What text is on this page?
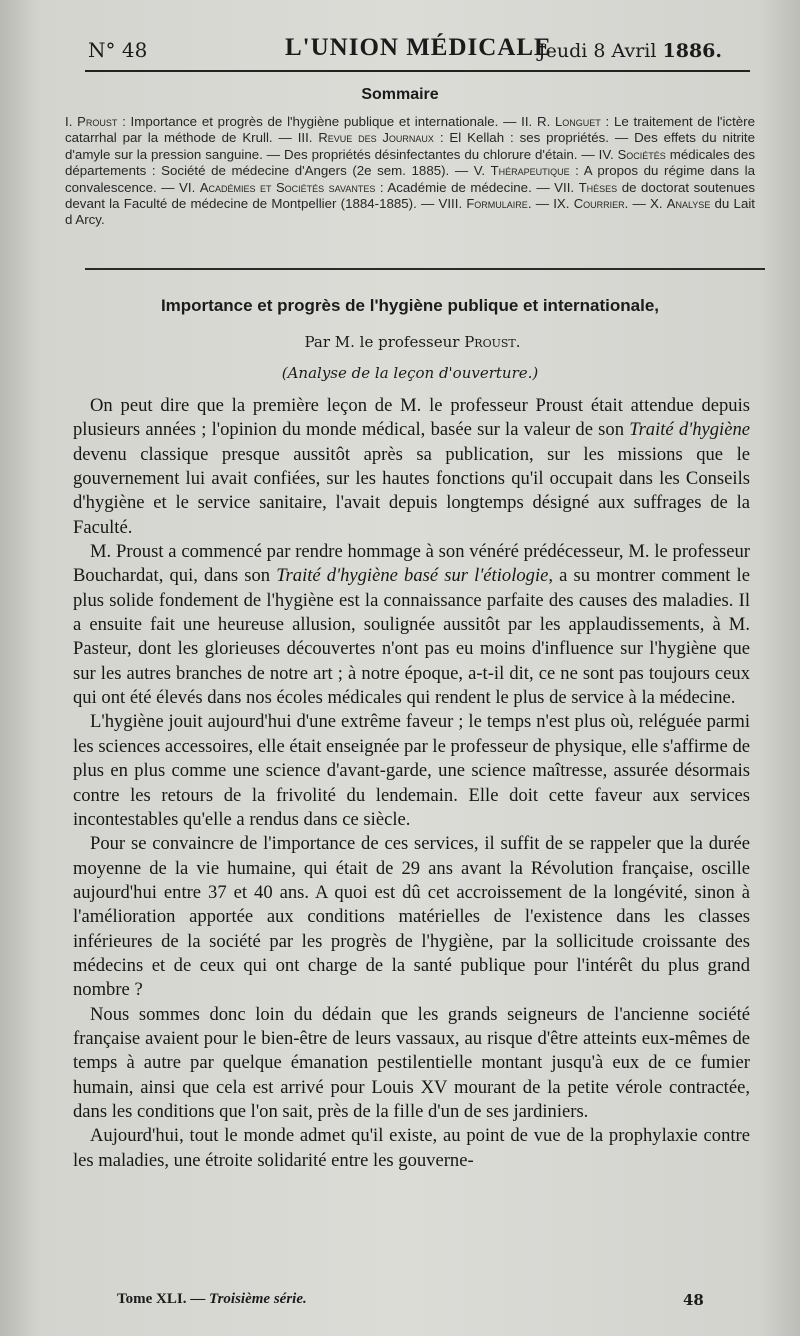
N° 48	L'UNION MÉDICALE
Jeudi 8 Avril 1886.
Sommaire
I. Proust : Importance et progrès de l'hygiène publique et internationale. — II. R. Longuet : Le traitement de l'ictère catarrhal par la méthode de Krull. — III. Revue des Journaux : El Kellah : ses propriétés. — Des effets du nitrite d'amyle sur la pression sanguine. — Des propriétés désinfectantes du chlorure d'étain. — IV. Sociétés médicales des départements : Société de médecine d'Angers (2e sem. 1885). — V. Thérapeutique : A propos du régime dans la convalescence. — VI. Académies et Sociétés savantes : Académie de médecine. — VII. Thèses de doctorat soutenues devant la Faculté de médecine de Montpellier (1884-1885). — VIII. Formulaire. — IX. Courrier. — X. Analyse du Lait d Arcy.
Importance et progrès de l'hygiène publique et internationale,
Par M. le professeur Proust.
(Analyse de la leçon d'ouverture.)

On peut dire que la première leçon de M. le professeur Proust était attendue depuis plusieurs années ; l'opinion du monde médical, basée sur la valeur de son Traité d'hygiène devenu classique presque aussitôt après sa publication, sur les missions que le gouvernement lui avait confiées, sur les hautes fonctions qu'il occupait dans les Conseils d'hygiène et le service sanitaire, l'avait depuis longtemps désigné aux suffrages de la Faculté.

M. Proust a commencé par rendre hommage à son vénéré prédécesseur, M. le professeur Bouchardat, qui, dans son Traité d'hygiène basé sur l'étiologie, a su montrer comment le plus solide fondement de l'hygiène est la connaissance parfaite des causes des maladies. Il a ensuite fait une heureuse allusion, soulignée aussitôt par les applaudissements, à M. Pasteur, dont les glorieuses découvertes n'ont pas eu moins d'influence sur l'hygiène que sur les autres branches de notre art ; à notre époque, a-t-il dit, ce ne sont pas toujours ceux qui ont été élevés dans nos écoles médicales qui rendent le plus de service à la médecine.

L'hygiène jouit aujourd'hui d'une extrême faveur ; le temps n'est plus où, reléguée parmi les sciences accessoires, elle était enseignée par le professeur de physique, elle s'affirme de plus en plus comme une science d'avant-garde, une science maîtresse, assurée désormais contre les retours de la frivolité du lendemain. Elle doit cette faveur aux services incontestables qu'elle a rendus dans ce siècle.

Pour se convaincre de l'importance de ces services, il suffit de se rappeler que la durée moyenne de la vie humaine, qui était de 29 ans avant la Révolution française, oscille aujourd'hui entre 37 et 40 ans. A quoi est dû cet accroissement de la longévité, sinon à l'amélioration apportée aux conditions matérielles de l'existence dans les classes inférieures de la société par les progrès de l'hygiène, par la sollicitude croissante des médecins et de ceux qui ont charge de la santé publique pour l'intérêt du plus grand nombre ?

Nous sommes donc loin du dédain que les grands seigneurs de l'ancienne société française avaient pour le bien-être de leurs vassaux, au risque d'être atteints eux-mêmes de temps à autre par quelque émanation pestilentielle montant jusqu'à eux de ce fumier humain, ainsi que cela est arrivé pour Louis XV mourant de la petite vérole contractée, dans les conditions que l'on sait, près de la fille d'un de ses jardiniers.

Aujourd'hui, tout le monde admet qu'il existe, au point de vue de la prophylaxie contre les maladies, une étroite solidarité entre les gouverne-

Tome XLI. — Troisième série.	48
